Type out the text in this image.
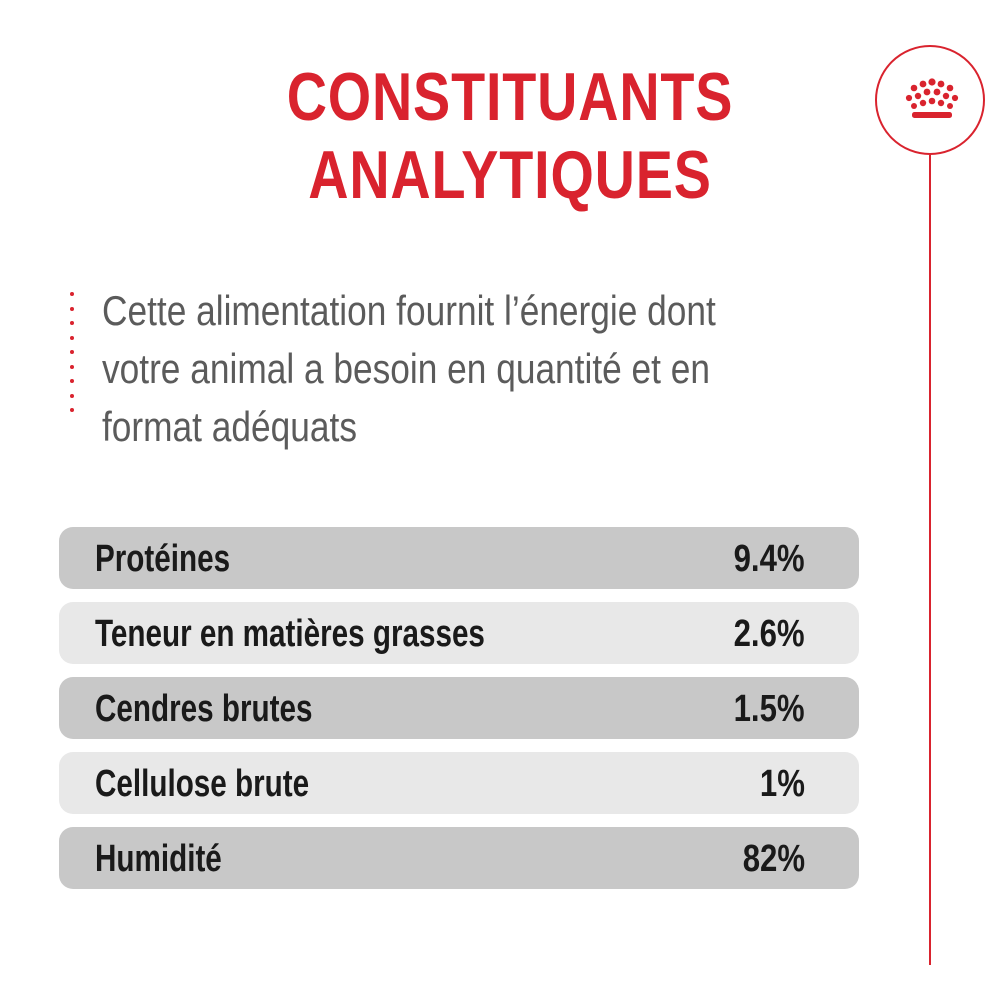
CONSTITUANTS
ANALYTIQUES

Cette alimentation fournit l’énergie dont votre animal a besoin en quantité et en format adéquats

Protéines	9.4%
Teneur en matières grasses	2.6%
Cendres brutes	1.5%
Cellulose brute	1%
Humidité	82%
